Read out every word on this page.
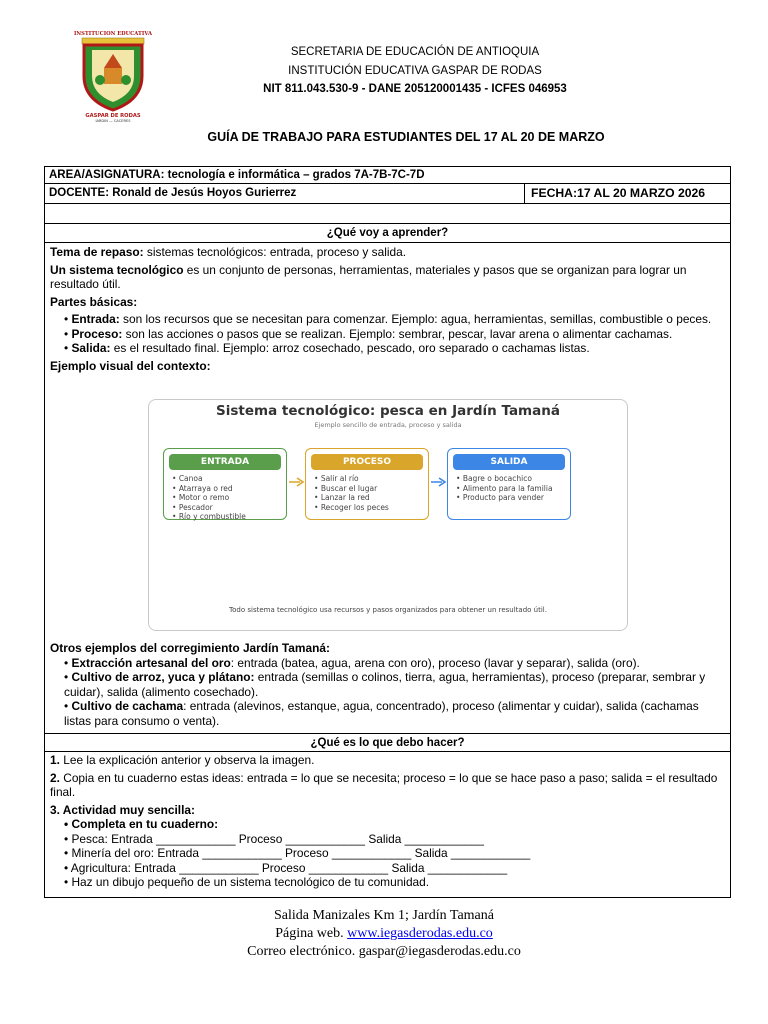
INSTITUCION EDUCATIVA
GASPAR DE RODAS
JARDIN — CACERES
SECRETARIA DE EDUCACIÓN DE ANTIOQUIA
INSTITUCIÓN EDUCATIVA GASPAR DE RODAS
NIT 811.043.530-9 - DANE 205120001435 - ICFES 046953
GUÍA DE TRABAJO PARA ESTUDIANTES DEL 17 AL 20 DE MARZO
AREA/ASIGNATURA: tecnología e informática – grados 7A-7B-7C-7D
DOCENTE: Ronald de Jesús Hoyos Gurierrez	FECHA:17 AL 20 MARZO 2026
¿Qué voy a aprender?

Tema de repaso: sistemas tecnológicos: entrada, proceso y salida.

Un sistema tecnológico es un conjunto de personas, herramientas, materiales y pasos que se organizan para lograr un resultado útil.

Partes básicas:

• Entrada: son los recursos que se necesitan para comenzar. Ejemplo: agua, herramientas, semillas, combustible o peces.

• Proceso: son las acciones o pasos que se realizan. Ejemplo: sembrar, pescar, lavar arena o alimentar cachamas.

• Salida: es el resultado final. Ejemplo: arroz cosechado, pescado, oro separado o cachamas listas.

Ejemplo visual del contexto:

Sistema tecnológico: pesca en Jardín Tamaná
Ejemplo sencillo de entrada, proceso y salida
ENTRADA
• Canoa
• Atarraya o red
• Motor o remo
• Pescador
• Río y combustible
PROCESO
• Salir al río
• Buscar el lugar
• Lanzar la red
• Recoger los peces
SALIDA
• Bagre o bocachico
• Alimento para la familia
• Producto para vender
Todo sistema tecnológico usa recursos y pasos organizados para obtener un resultado útil.

Otros ejemplos del corregimiento Jardín Tamaná:

• Extracción artesanal del oro: entrada (batea, agua, arena con oro), proceso (lavar y separar), salida (oro).

• Cultivo de arroz, yuca y plátano: entrada (semillas o colinos, tierra, agua, herramientas), proceso (preparar, sembrar y cuidar), salida (alimento cosechado).

• Cultivo de cachama: entrada (alevinos, estanque, agua, concentrado), proceso (alimentar y cuidar), salida (cachamas listas para consumo o venta).

¿Qué es lo que debo hacer?

1. Lee la explicación anterior y observa la imagen.

2. Copia en tu cuaderno estas ideas: entrada = lo que se necesita; proceso = lo que se hace paso a paso; salida = el resultado final.

3. Actividad muy sencilla:

• Completa en tu cuaderno:

• Pesca: Entrada ____________ Proceso ____________ Salida ____________

• Minería del oro: Entrada ____________ Proceso ____________ Salida ____________

• Agricultura: Entrada ____________ Proceso ____________ Salida ____________

• Haz un dibujo pequeño de un sistema tecnológico de tu comunidad.

Salida Manizales Km 1; Jardín Tamaná
Página web. www.iegasderodas.edu.co
Correo electrónico. gaspar@iegasderodas.edu.co
